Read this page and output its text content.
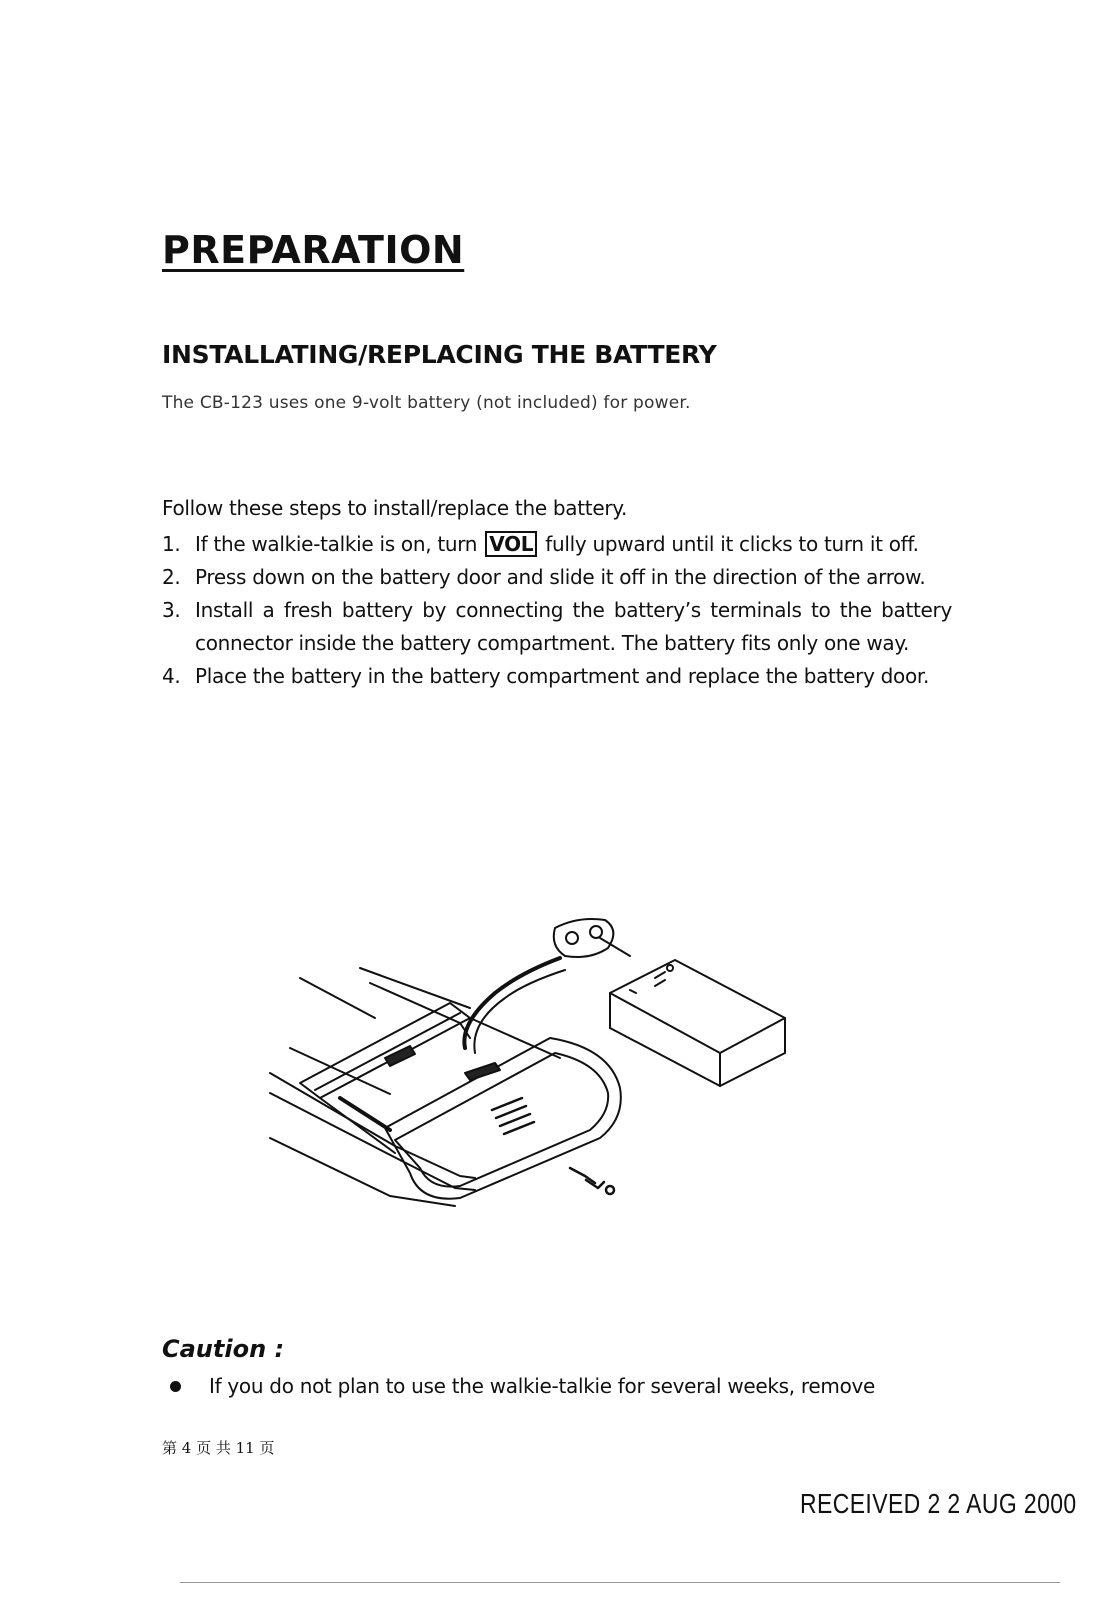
PREPARATION
INSTALLATING/REPLACING THE BATTERY
The CB-123 uses one 9-volt battery (not included) for power.
Follow these steps to install/replace the battery.
1. If the walkie-talkie is on, turn VOL fully upward until it clicks to turn it off.
2. Press down on the battery door and slide it off in the direction of the arrow.
3. Install a fresh battery by connecting the battery’s terminals to the battery connector inside the battery compartment. The battery fits only one way.
4. Place the battery in the battery compartment and replace the battery door.
Caution :
If you do not plan to use the walkie-talkie for several weeks, remove
第 4 页 共 11 页
RECEIVED 2 2 AUG 2000
